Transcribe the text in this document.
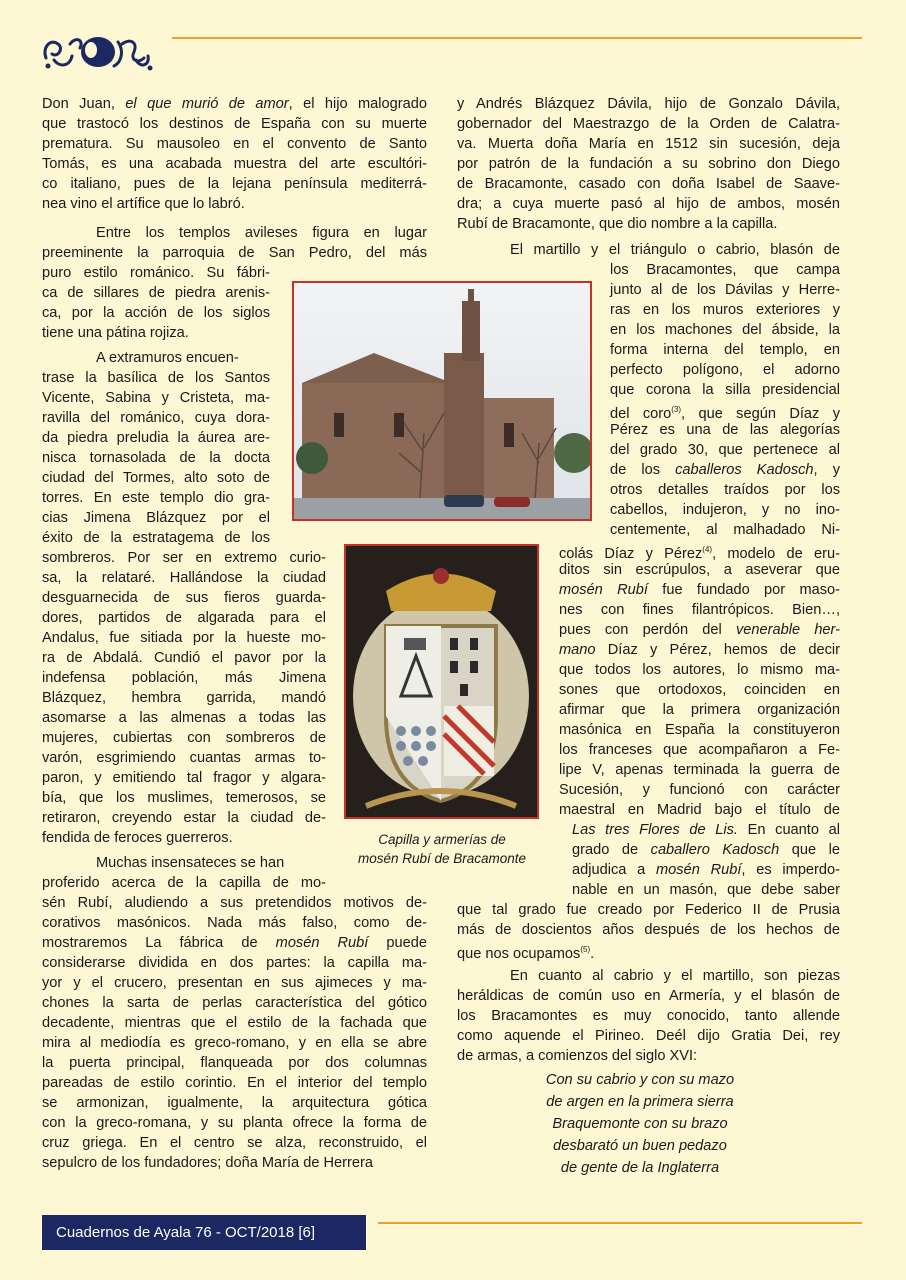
Don Juan, el que murió de amor, el hijo malogrado
que trastocó los destinos de España con su muerte
prematura. Su mausoleo en el convento de Santo
Tomás, es una acabada muestra del arte escultóri-
co italiano, pues de la lejana península mediterrá-
nea vino el artífice que lo labró.
Entre los templos avileses figura en lugar
preeminente la parroquia de San Pedro, del más
puro estilo románico. Su fábri-
ca de sillares de piedra arenis-
ca, por la acción de los siglos
tiene una pátina rojiza.
A extramuros encuen-
trase la basílica de los Santos
Vicente, Sabina y Cristeta, ma-
ravilla del románico, cuya dora-
da piedra preludia la áurea are-
nisca tornasolada de la docta
ciudad del Tormes, alto soto de
torres. En este templo dio gra-
cias Jimena Blázquez por el
éxito de la estratagema de los
sombreros. Por ser en extremo curio-
sa, la relataré. Hallándose la ciudad
desguarnecida de sus fieros guarda-
dores, partidos de algarada para el
Andalus, fue sitiada por la hueste mo-
ra de Abdalá. Cundió el pavor por la
indefensa población, más Jimena
Blázquez, hembra garrida, mandó
asomarse a las almenas a todas las
mujeres, cubiertas con sombreros de
varón, esgrimiendo cuantas armas to-
paron, y emitiendo tal fragor y algara-
bía, que los muslimes, temerosos, se
retiraron, creyendo estar la ciudad de-
fendida de feroces guerreros.
Muchas insensateces se han
proferido acerca de la capilla de mo-
sén Rubí, aludiendo a sus pretendidos motivos de-
corativos masónicos. Nada más falso, como de-
mostraremos La fábrica de mosén Rubí puede
considerarse dividida en dos partes: la capilla ma-
yor y el crucero, presentan en sus ajimeces y ma-
chones la sarta de perlas característica del gótico
decadente, mientras que el estilo de la fachada que
mira al mediodía es greco-romano, y en ella se abre
la puerta principal, flanqueada por dos columnas
pareadas de estilo corintio. En el interior del templo
se armonizan, igualmente, la arquitectura gótica
con la greco-romana, y su planta ofrece la forma de
cruz griega. En el centro se alza, reconstruido, el
sepulcro de los fundadores; doña María de Herrera
y Andrés Blázquez Dávila, hijo de Gonzalo Dávila,
gobernador del Maestrazgo de la Orden de Calatra-
va. Muerta doña María en 1512 sin sucesión, deja
por patrón de la fundación a su sobrino don Diego
de Bracamonte, casado con doña Isabel de Saave-
dra; a cuya muerte pasó al hijo de ambos, mosén
Rubí de Bracamonte, que dio nombre a la capilla.
El martillo y el triángulo o cabrio, blasón de
los Bracamontes, que campa
junto al de los Dávilas y Herre-
ras en los muros exteriores y
en los machones del ábside, la
forma interna del templo, en
perfecto polígono, el adorno
que corona la silla presidencial
del coro$^{(3)}$, que según Díaz y
Pérez es una de las alegorías
del grado 30, que pertenece al
de los caballeros Kadosch, y
otros detalles traídos por los
cabellos, indujeron, y no ino-
centemente, al malhadado Ni-
colás Díaz y Pérez$^{(4)}$, modelo de eru-
ditos sin escrúpulos, a aseverar que
mosén Rubí fue fundado por maso-
nes con fines filantrópicos. Bien…,
pues con perdón del venerable her-
mano Díaz y Pérez, hemos de decir
que todos los autores, lo mismo ma-
sones que ortodoxos, coinciden en
afirmar que la primera organización
masónica en España la constituyeron
los franceses que acompañaron a Fe-
lipe V, apenas terminada la guerra de
Sucesión, y funcionó con carácter
maestral en Madrid bajo el título de
Las tres Flores de Lis. En cuanto al
grado de caballero Kadosch que le
adjudica a mosén Rubí, es imperdo-
nable en un masón, que debe saber
que tal grado fue creado por Federico II de Prusia
más de doscientos años después de los hechos de
que nos ocupamos$^{(5)}$.
En cuanto al cabrio y el martillo, son piezas
heráldicas de común uso en Armería, y el blasón de
los Bracamontes es muy conocido, tanto allende
como aquende el Pirineo. Deél dijo Gratia Dei, rey
de armas, a comienzos del siglo XVI:
Capilla y armerías de
mosén Rubí de Bracamonte
Con su cabrio y con su mazo
de argen en la primera sierra
Braquemonte con su brazo
desbarató un buen pedazo
de gente de la Inglaterra
Cuadernos de Ayala 76 - OCT/2018 [6]
